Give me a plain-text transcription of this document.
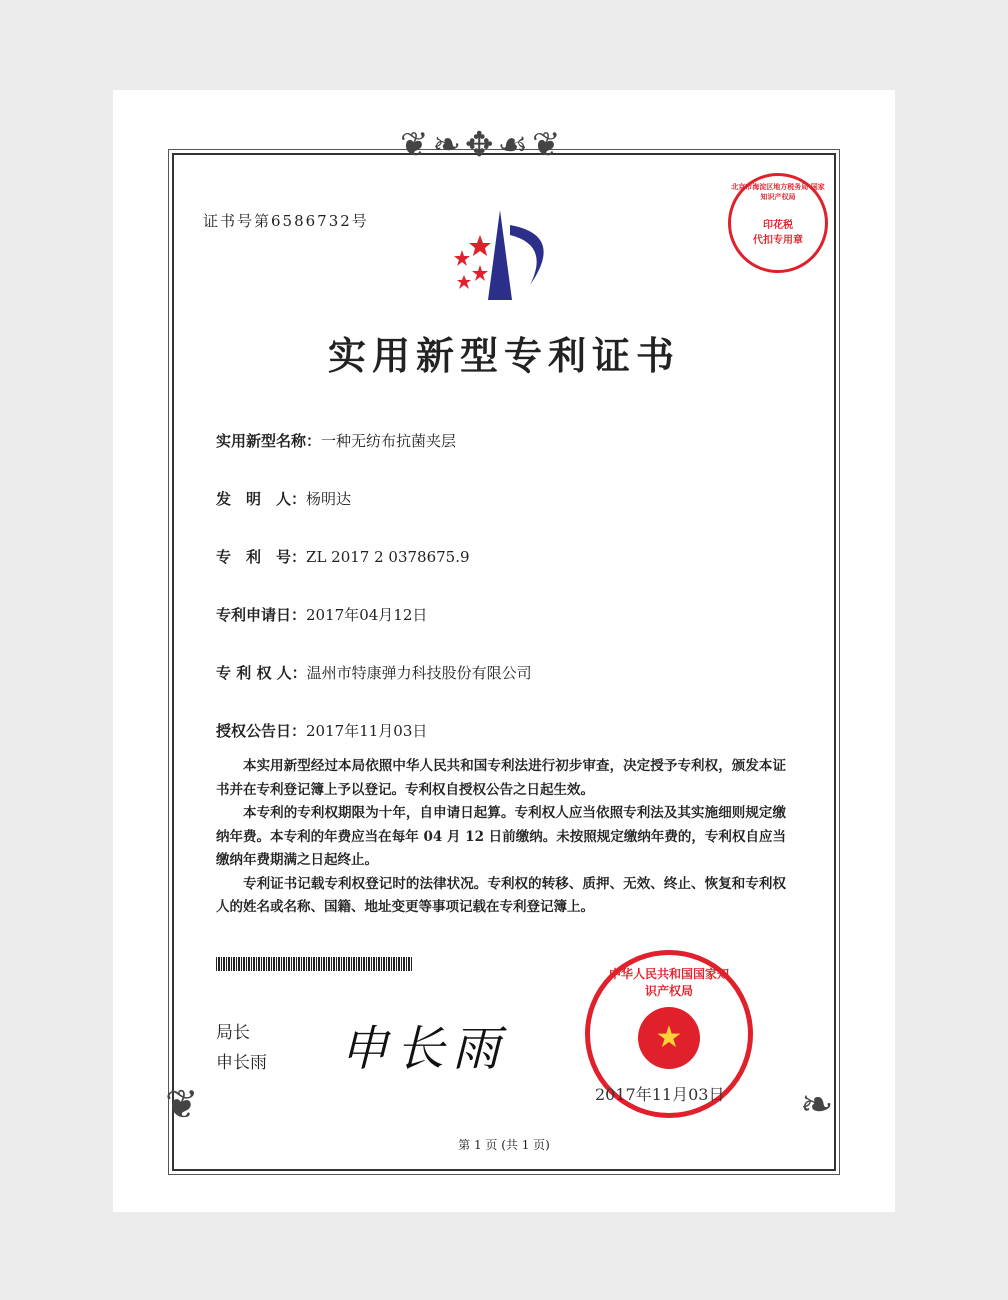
❦❧✥☙❦
❦	❧
证书号第6586732号
北京市海淀区地方税务局 国家知识产权局
印花税
代扣专用章
实用新型专利证书
实用新型名称：一种无纺布抗菌夹层
发　明　人：杨明达
专　利　号：ZL 2017 2 0378675.9
专利申请日：2017年04月12日
专 利 权 人：温州市特康弹力科技股份有限公司
授权公告日：2017年11月03日

本实用新型经过本局依照中华人民共和国专利法进行初步审查，决定授予专利权，颁发本证书并在专利登记簿上予以登记。专利权自授权公告之日起生效。

本专利的专利权期限为十年，自申请日起算。专利权人应当依照专利法及其实施细则规定缴纳年费。本专利的年费应当在每年 04 月 12 日前缴纳。未按照规定缴纳年费的，专利权自应当缴纳年费期满之日起终止。

专利证书记载专利权登记时的法律状况。专利权的转移、质押、无效、终止、恢复和专利权人的姓名或名称、国籍、地址变更等事项记载在专利登记簿上。

局长
申长雨 申长雨
中华人民共和国国家知识产权局
★
2017年11月03日
第 1 页 (共 1 页)
